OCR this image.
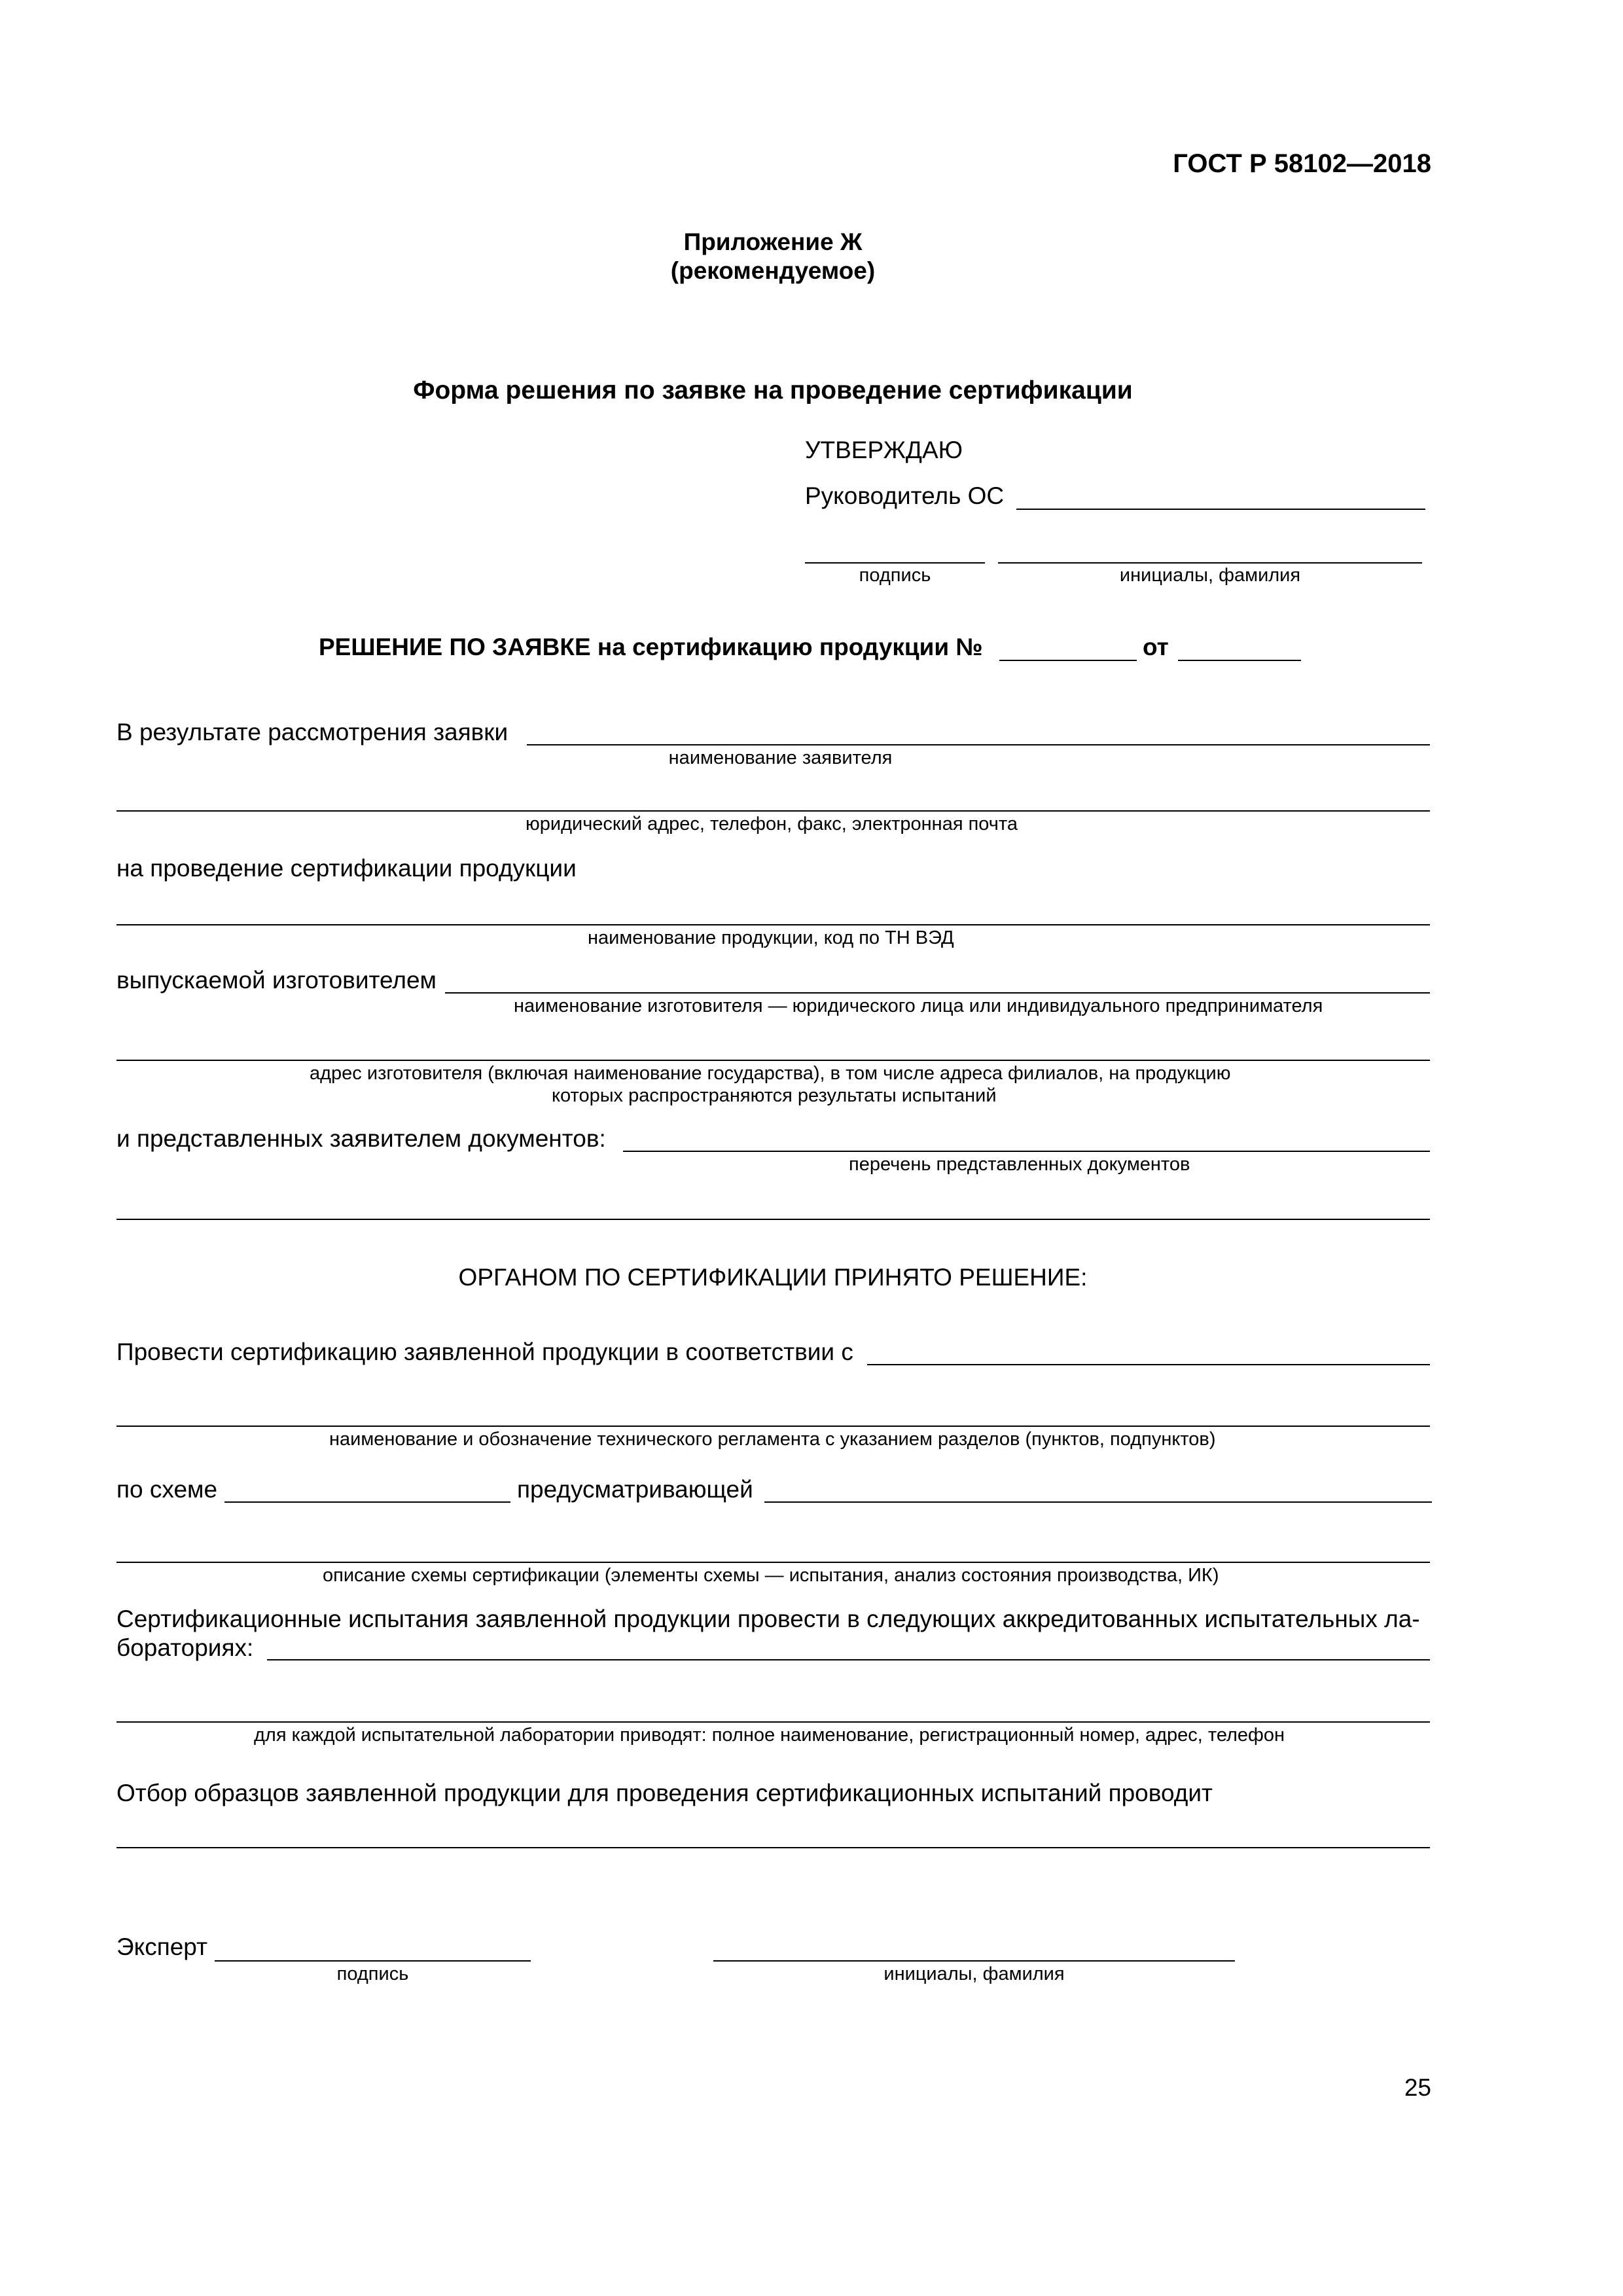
ГОСТ Р 58102—2018
Приложение Ж
(рекомендуемое)
Форма решения по заявке на проведение сертификации
УТВЕРЖДАЮ
Руководитель ОС
подпись	инициалы, фамилия
РЕШЕНИЕ ПО ЗАЯВКЕ на сертификацию продукции №	от
В результате рассмотрения заявки
наименование заявителя
юридический адрес, телефон, факс, электронная почта
на проведение сертификации продукции
наименование продукции, код по ТН ВЭД
выпускаемой изготовителем
наименование изготовителя — юридического лица или индивидуального предпринимателя
адрес изготовителя (включая наименование государства), в том числе адреса филиалов, на продукцию
которых распространяются результаты испытаний
и представленных заявителем документов:
перечень представленных документов
ОРГАНОМ ПО СЕРТИФИКАЦИИ ПРИНЯТО РЕШЕНИЕ:
Провести сертификацию заявленной продукции в соответствии с
наименование и обозначение технического регламента с указанием разделов (пунктов, подпунктов)
по схеме	предусматривающей
описание схемы сертификации (элементы схемы — испытания, анализ состояния производства, ИК)
Сертификационные испытания заявленной продукции провести в следующих аккредитованных испытательных ла-
бораториях:
для каждой испытательной лаборатории приводят: полное наименование, регистрационный номер, адрес, телефон
Отбор образцов заявленной продукции для проведения сертификационных испытаний проводит
Эксперт
подпись	инициалы, фамилия
25
